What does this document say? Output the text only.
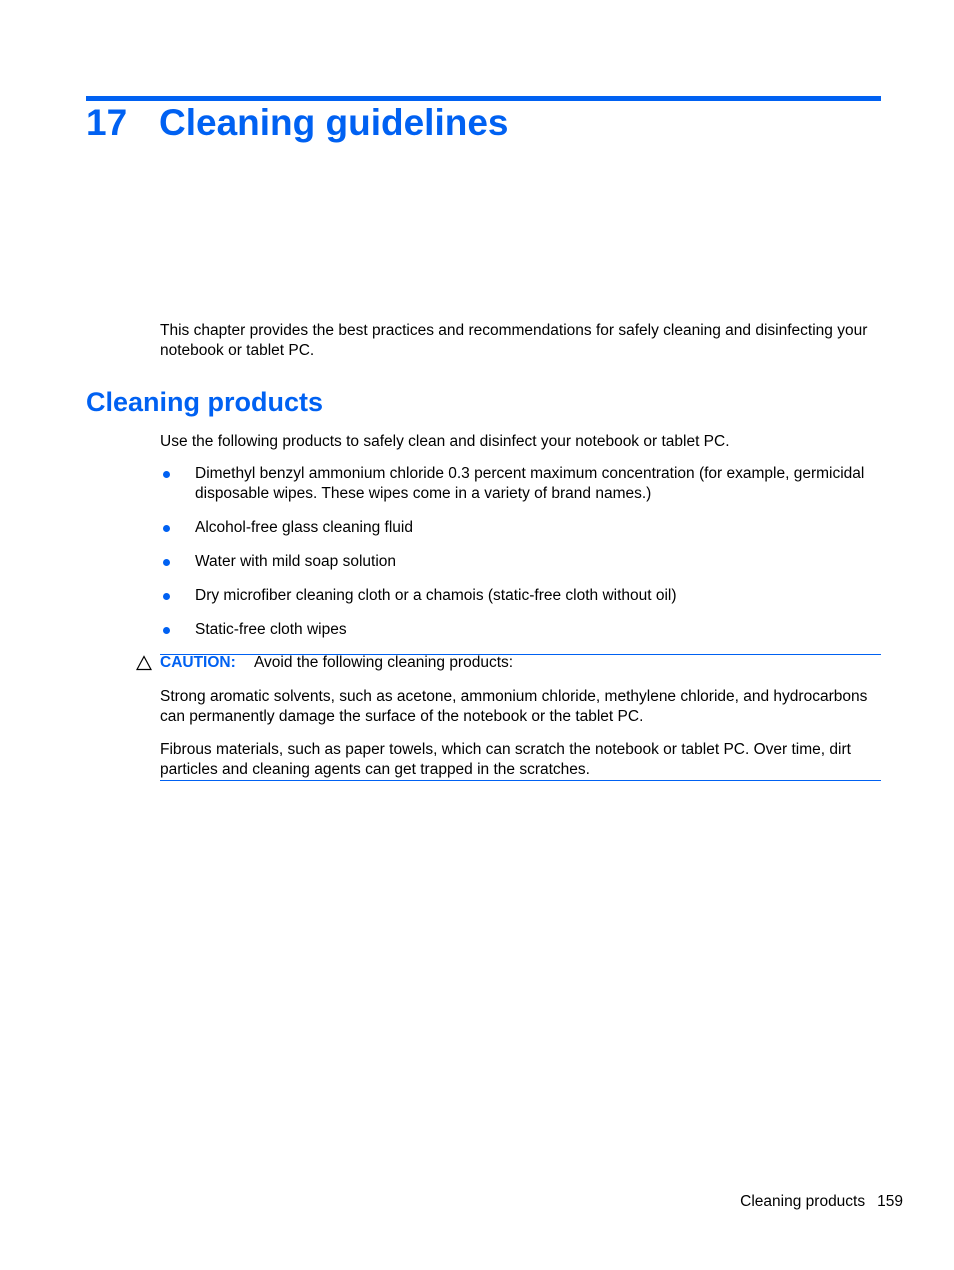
17 Cleaning guidelines

This chapter provides the best practices and recommendations for safely cleaning and disinfecting your notebook or tablet PC.

Cleaning products

Use the following products to safely clean and disinfect your notebook or tablet PC.

Dimethyl benzyl ammonium chloride 0.3 percent maximum concentration (for example, germicidal disposable wipes. These wipes come in a variety of brand names.)
Alcohol-free glass cleaning fluid
Water with mild soap solution
Dry microfiber cleaning cloth or a chamois (static-free cloth without oil)
Static-free cloth wipes

CAUTION: Avoid the following cleaning products:

Strong aromatic solvents, such as acetone, ammonium chloride, methylene chloride, and hydrocarbons can permanently damage the surface of the notebook or the tablet PC.

Fibrous materials, such as paper towels, which can scratch the notebook or tablet PC. Over time, dirt particles and cleaning agents can get trapped in the scratches.

Cleaning products 159
